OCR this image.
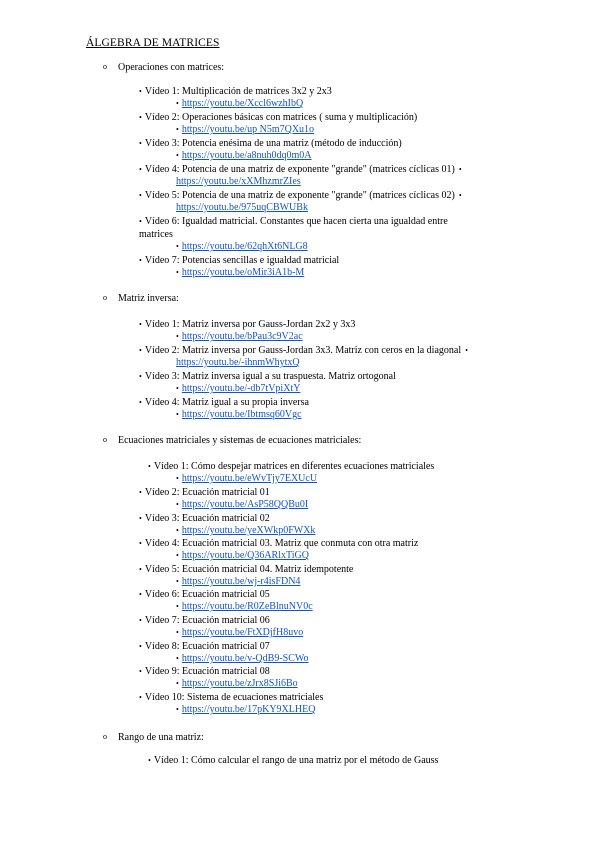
ÁLGEBRA DE MATRICES
o Operaciones con matrices:
• Vídeo 1: Multiplicación de matrices 3x2 y 2x3
• https://youtu.be/Xccl6wzhIbQ
• Vídeo 2: Operaciones básicas con matrices ( suma y multiplicación)
• https://youtu.be/up N5m7QXu1o
• Vídeo 3: Potencia enésima de una matriz (método de inducción)
• https://youtu.be/a8nuh0dq0m0A
• Vídeo 4: Potencia de una matriz de exponente "grande" (matrices cíclicas 01) •
https://youtu.be/xXMhzmrZIes
• Vídeo 5: Potencia de una matriz de exponente "grande" (matrices cíclicas 02) •
https://youtu.be/975uqCBWUBk
• Vídeo 6: Igualdad matricial. Constantes que hacen cierta una igualdad entre matrices
• https://youtu.be/62qhXt6NLG8
• Vídeo 7: Potencias sencillas e igualdad matricial
• https://youtu.be/oMir3iA1b-M
o Matriz inversa:
• Vídeo 1: Matriz inversa por Gauss-Jordan 2x2 y 3x3
• https://youtu.be/bPau3c9V2ac
• Vídeo 2: Matriz inversa por Gauss-Jordan 3x3. Matriz con ceros en la diagonal •
https://youtu.be/-ihnmWhytxQ
• Vídeo 3: Matriz inversa igual a su traspuesta. Matriz ortogonal
• https://youtu.be/-db7tVpiXtY
• Vídeo 4: Matriz igual a su propia inversa
• https://youtu.be/Ibtmsq60Vgc
o Ecuaciones matriciales y sistemas de ecuaciones matriciales:
• Vídeo 1: Cómo despejar matrices en diferentes ecuaciones matriciales
• https://youtu.be/eWvTjy7EXUcU
• Vídeo 2: Ecuación matricial 01
• https://youtu.be/AsP58QQBu0I
• Vídeo 3: Ecuación matricial 02
• https://youtu.be/yeXWkp0FWXk
• Vídeo 4: Ecuación matricial 03. Matriz que conmuta con otra matriz
• https://youtu.be/Q36ARlxTiGQ
• Vídeo 5: Ecuación matricial 04. Matriz idempotente
• https://youtu.be/wj-r4isFDN4
• Vídeo 6: Ecuación matricial 05
• https://youtu.be/R0ZeBlnuNV0c
• Vídeo 7: Ecuación matricial 06
• https://youtu.be/FtXDjfH8uvo
• Vídeo 8: Ecuación matricial 07
• https://youtu.be/v-QdB9-SCWo
• Vídeo 9: Ecuación matricial 08
• https://youtu.be/zJrx8SJi6Bo
• Vídeo 10: Sistema de ecuaciones matriciales
• https://youtu.be/17pKY9XLHEQ
o Rango de una matriz:
• Vídeo 1: Cómo calcular el rango de una matriz por el método de Gauss
